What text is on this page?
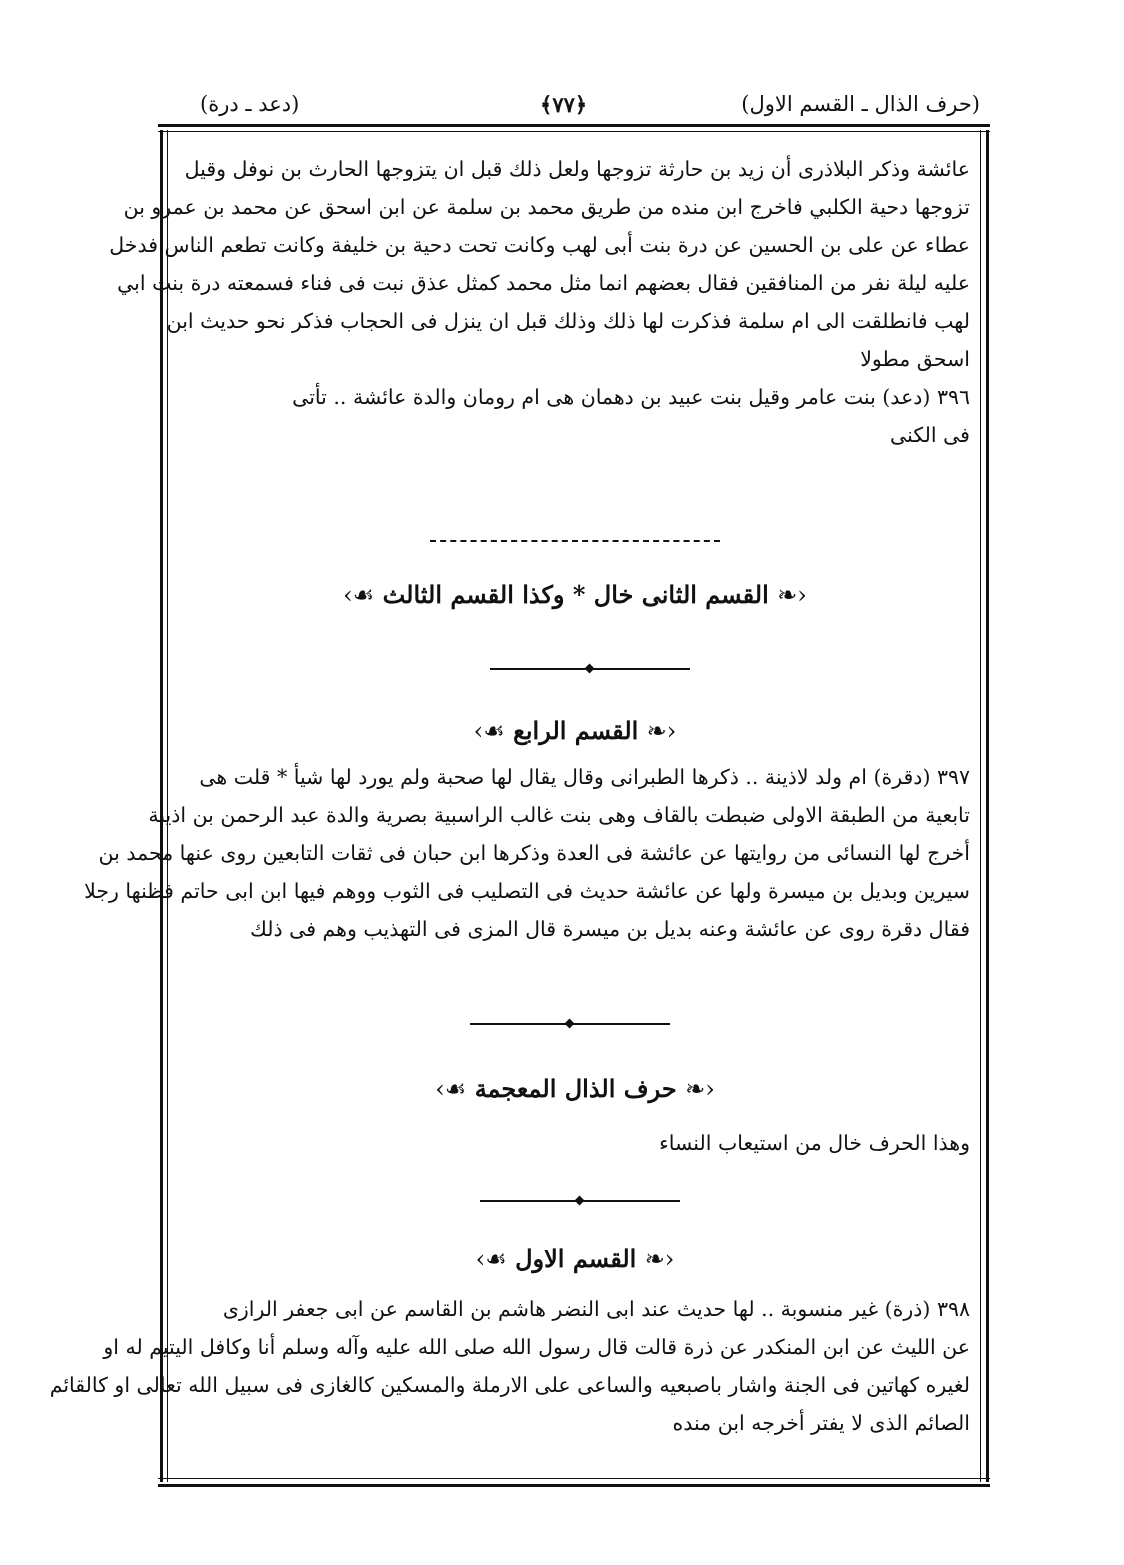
(حرف الذال ـ القسم الاول)
﴿٧٧﴾
(دعد ـ درة)
عائشة وذكر البلاذرى أن زيد بن حارثة تزوجها ولعل ذلك قبل ان يتزوجها الحارث بن نوفل وقيل
تزوجها دحية الكلبي فاخرج ابن منده من طريق محمد بن سلمة عن ابن اسحق عن محمد بن عمرو بن
عطاء عن على بن الحسين عن درة بنت أبى لهب وكانت تحت دحية بن خليفة وكانت تطعم الناس فدخل
عليه ليلة نفر من المنافقين فقال بعضهم انما مثل محمد كمثل عذق نبت فى فناء فسمعته درة بنت ابي
لهب فانطلقت الى ام سلمة فذكرت لها ذلك وذلك قبل ان ينزل فى الحجاب فذكر نحو حديث ابن
اسحق مطولا
٣٩٦ (دعد) بنت عامر وقيل بنت عبيد بن دهمان هى ام رومان والدة عائشة .. تأتى
فى الكنى
‹❧ القسم الثانى خال * وكذا القسم الثالث ☙›
‹❧ القسم الرابع ☙›
٣٩٧ (دقرة) ام ولد لاذينة .. ذكرها الطبرانى وقال يقال لها صحبة ولم يورد لها شيأ * قلت هى
تابعية من الطبقة الاولى ضبطت بالقاف وهى بنت غالب الراسبية بصرية والدة عبد الرحمن بن اذينة
أخرج لها النسائى من روايتها عن عائشة فى العدة وذكرها ابن حبان فى ثقات التابعين روى عنها محمد بن
سيرين وبديل بن ميسرة ولها عن عائشة حديث فى التصليب فى الثوب ووهم فيها ابن ابى حاتم فظنها رجلا
فقال دقرة روى عن عائشة وعنه بديل بن ميسرة قال المزى فى التهذيب وهم فى ذلك
‹❧ حرف الذال المعجمة ☙›
وهذا الحرف خال من استيعاب النساء
‹❧ القسم الاول ☙›
٣٩٨ (ذرة) غير منسوبة .. لها حديث عند ابى النضر هاشم بن القاسم عن ابى جعفر الرازى
عن الليث عن ابن المنكدر عن ذرة قالت قال رسول الله صلى الله عليه وآله وسلم أنا وكافل اليتيم له او
لغيره كهاتين فى الجنة واشار باصبعيه والساعى على الارملة والمسكين كالغازى فى سبيل الله تعالى او كالقائم
الصائم الذى لا يفتر أخرجه ابن منده
